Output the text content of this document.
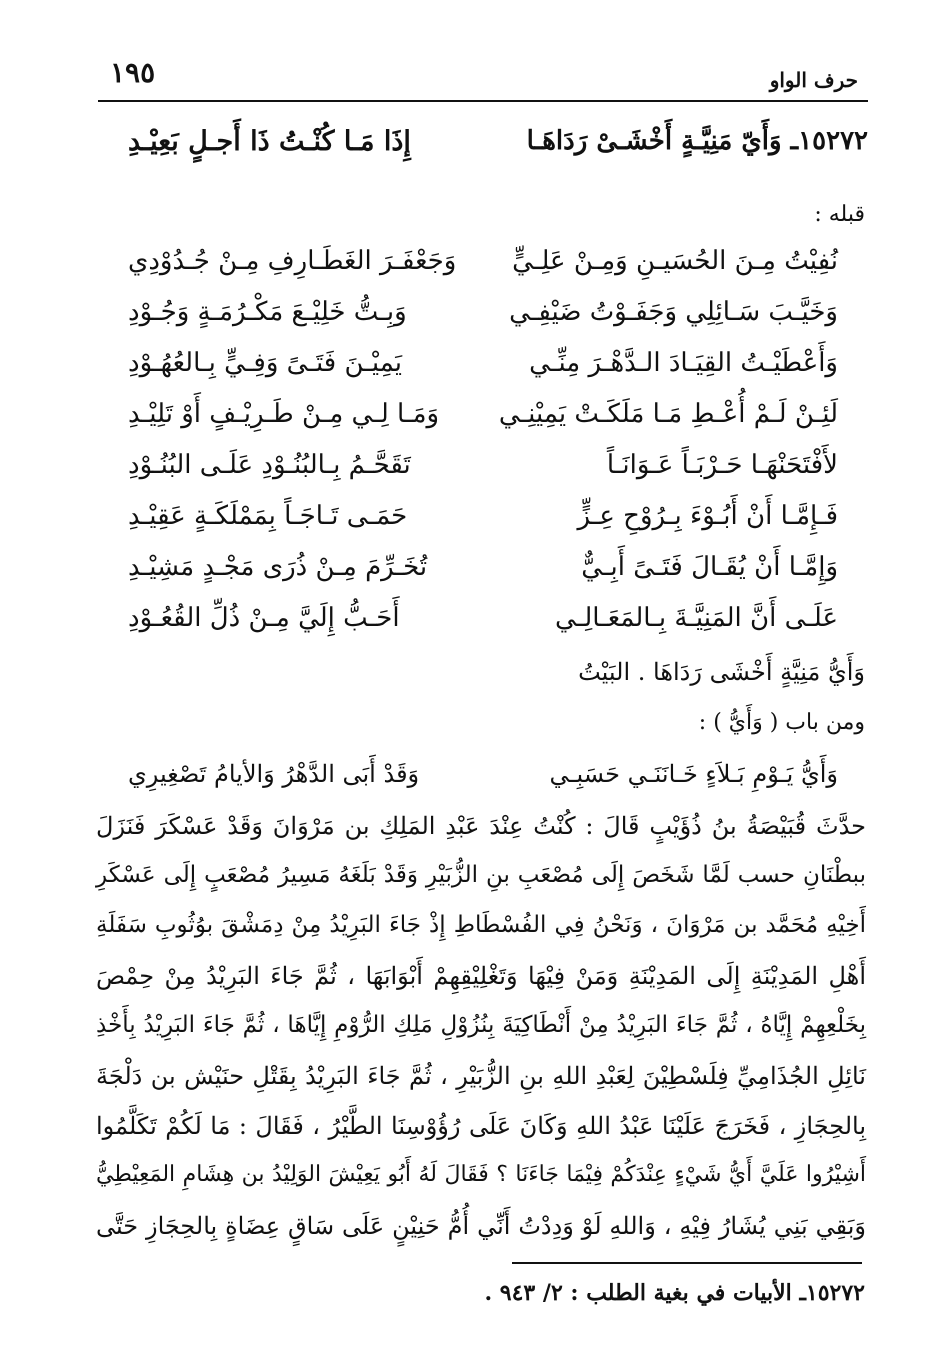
١٩٥	حرف الواو
١٥٢٧٢ـ وَأَيّ مَنِيَّـةٍ أَخْشَـىْ رَدَاهَـا
إِذَا مَـا كُنْـتُ ذَا أَجـلٍ بَعِيْـدِ
قبله :
نُفِيْتُ مِـنَ الحُسَيـنِ وَمِـنْ عَلِـيٍّ
وَجَعْفَـرَ الغَطَـارِفِ مِـنْ جُـدُوْدِي
وَخَيَّـبَ سَـائِلِي وَجَفَـوْتُ ضَيْفِـي
وَبِـتُّ خَلِيْـعَ مَكْـرُمَـةٍ وَجُـوْدِ
وَأَعْطَيْـتُ القِيَـادَ الـدَّهْـرَ مِنِّـي
يَمِيْـنَ فَتَـىً وَفِـيٍّ بِـالعُهُـوْدِ
لَئِـنْ لَـمْ أُعْـطِ مَـا مَلَكَـتْ يَمِيْنِـي
وَمَـا لِـي مِـنْ طَـرِيْـفٍ أَوْ تَلِيْـدِ
لأَفْتَحَنْهَـا حَـرْبَـاً عَـوَانَـاً
تَقَحَّـمُ بِـالبُنُـوْدِ عَلَـى البُنُـوْدِ
فَـإِمَّـا أَنْ أَبُـوْءَ بِـرُوْحِ عِـزٍّ
حَمَـى تَـاجَـاً بِمَمْلَكَـةٍ عَقِيْـدِ
وَإِمَّـا أَنْ يُقَـالَ فَتَـىً أَبِـيٌّ
تُخَـرِّمَ مِـنْ ذُرَى مَجْـدٍ مَشِيْـدِ
عَلَـى أَنَّ المَنِيَّـةَ بِـالمَعَـالِـي
أَحَـبُّ إِلَيَّ مِـنْ ذُلِّ القُعُـوْدِ
وَأَيُّ مَنِيَّةٍ أَخْشَى رَدَاهَا . البَيْتُ
ومن باب ( وَأَيُّ ) :
وَأَيُّ يَـوْمِ بَـلاَءٍ خَـانَنَـي حَسَبِـي
وَقَدْ أَبَى الدَّهْرُ وَالأيامُ تَصْغِيرِي
حدَّثَ قُبَيْصَةُ بنُ ذُؤَيْبٍ قَالَ : كُنْتُ عِنْدَ عَبْدِ المَلِكِ بن مَرْوَانَ وَقَدْ عَسْكَرَ فَنَزَلَ
ببطْنَانِ حسب لَمَّا شَخَصَ إِلَى مُصْعَبِ بنِ الزُّبَيْرِ وَقَدْ بَلَغَهُ مَسِيرُ مُصْعَبٍ إِلَى عَسْكَرِ
أَخِيْهِ مُحَمَّد بن مَرْوَانَ ، وَنَحْنُ فِي الفُسْطَاطِ إِذْ جَاءَ البَرِيْدُ مِنْ دِمَشْقَ بوُثُوبِ سَفَلَةِ
أَهْلِ المَدِيْنَةِ إِلَى المَدِيْنَةِ وَمَنْ فِيْهَا وَتَغْلِيْقِهِمْ أَبْوَابَهَا ، ثُمَّ جَاءَ البَرِيْدُ مِنْ حِمْصَ
بِخَلْعِهِمْ إِيَّاهُ ، ثُمَّ جَاءَ البَرِيْدُ مِنْ أَنْطَاكِيَةَ بِنُزُوْلِ مَلِكِ الرُّوْمِ إِيَّاهَا ، ثُمَّ جَاءَ البَرِيْدُ بِأَخْذِ
نَائِلِ الجُذَامِيِّ فِلَسْطِيْنَ لِعَبْدِ اللهِ بنِ الزُّبَيْرِ ، ثُمَّ جَاءَ البَرِيْدُ بِقَتْلِ حنَيْش بن دَلْجَةَ
بِالحِجَازِ ، فَخَرَجَ عَلَيْنَا عَبْدُ اللهِ وَكَانَ عَلَى رُؤُوْسِنَا الطَّيْرُ ، فَقَالَ : مَا لَكُمْ تَكَلَّمُوا
أَشِيْرُوا عَلَيَّ أَيُّ شَيْءٍ عِنْدَكُمْ فِيْمَا جَاءَنَا ؟ فَقَالَ لَهُ أَبُو يَعِيْشَ الوَلِيْدُ بن هِشَامِ المَعِيْطِيُّ
وَبَقِي بَنِي يُشَارُ فِيْهِ ، وَاللهِ لَوْ وَدِدْتُ أَنِّي أُمُّ حَنِيْنٍ عَلَى سَاقٍ عِضَاةٍ بِالحِجَازِ حَتَّى
١٥٢٧٢ـ الأبيات في بغية الطلب : ٢/ ٩٤٣ .
